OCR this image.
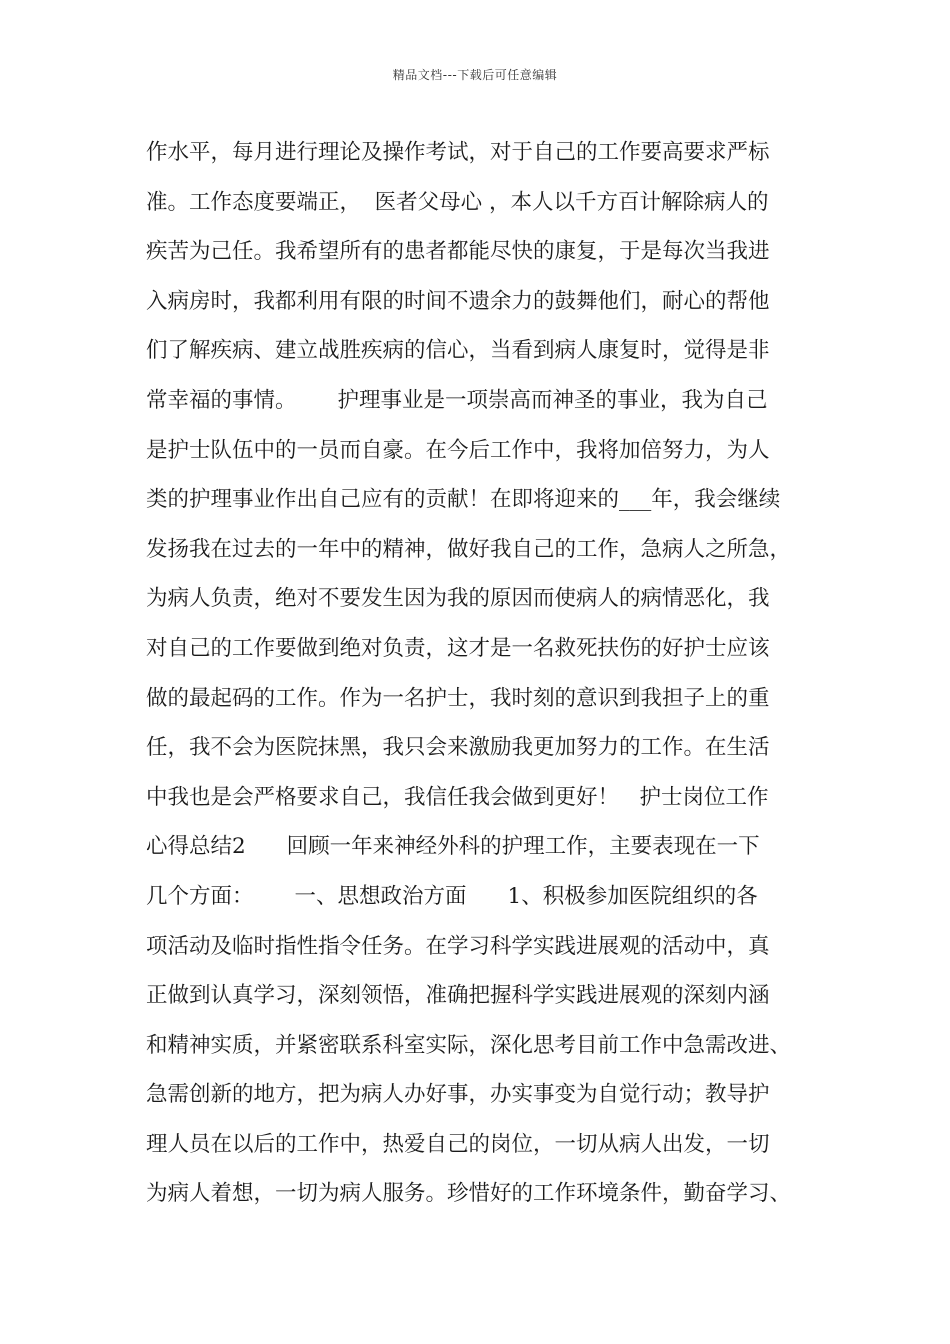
精品文档---下载后可任意编辑
作水平，每月进行理论及操作考试，对于自己的工作要高要求严标
准。工作态度要端正，  医者父母心 ，本人以千方百计解除病人的
疾苦为己任。我希望所有的患者都能尽快的康复，于是每次当我进
入病房时，我都利用有限的时间不遗余力的鼓舞他们，耐心的帮他
们了解疾病、建立战胜疾病的信心，当看到病人康复时，觉得是非
常幸福的事情。      护理事业是一项崇高而神圣的事业，我为自己
是护士队伍中的一员而自豪。在今后工作中，我将加倍努力，为人
类的护理事业作出自己应有的贡献！在即将迎来的___年，我会继续
发扬我在过去的一年中的精神，做好我自己的工作，急病人之所急，
为病人负责，绝对不要发生因为我的原因而使病人的病情恶化，我
对自己的工作要做到绝对负责，这才是一名救死扶伤的好护士应该
做的最起码的工作。作为一名护士，我时刻的意识到我担子上的重
任，我不会为医院抹黑，我只会来激励我更加努力的工作。在生活
中我也是会严格要求自己，我信任我会做到更好！   护士岗位工作
心得总结2      回顾一年来神经外科的护理工作，主要表现在一下
几个方面：      一、思想政治方面      1、积极参加医院组织的各
项活动及临时指性指令任务。在学习科学实践进展观的活动中，真
正做到认真学习，深刻领悟，准确把握科学实践进展观的深刻内涵
和精神实质，并紧密联系科室实际，深化思考目前工作中急需改进、
急需创新的地方，把为病人办好事，办实事变为自觉行动；教导护
理人员在以后的工作中，热爱自己的岗位，一切从病人出发，一切
为病人着想，一切为病人服务。珍惜好的工作环境条件，勤奋学习、
